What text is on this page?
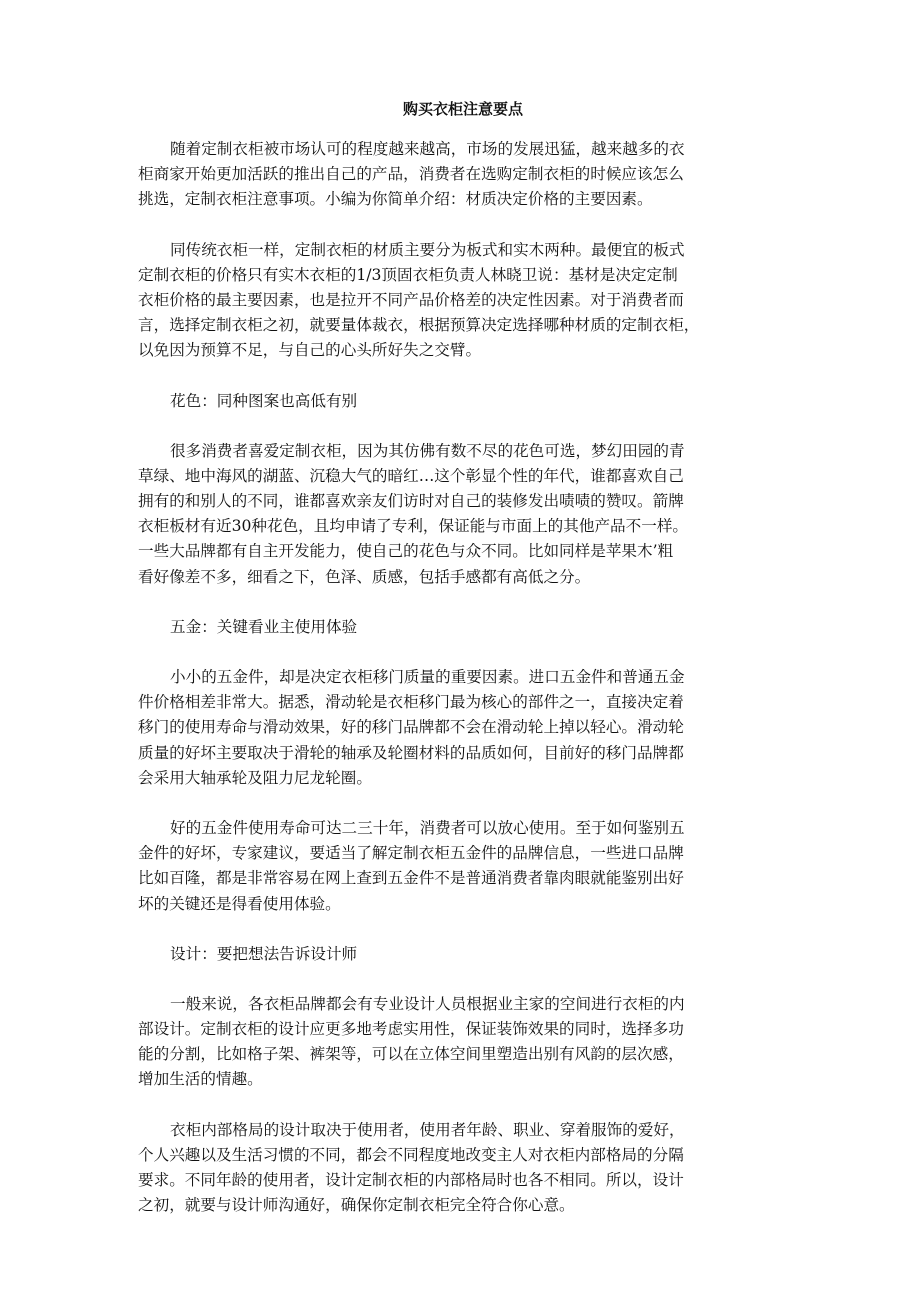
购买衣柜注意要点
随着定制衣柜被市场认可的程度越来越高，市场的发展迅猛，越来越多的衣
柜商家开始更加活跃的推出自己的产品，消费者在选购定制衣柜的时候应该怎么
挑选，定制衣柜注意事项。小编为你简单介绍：材质决定价格的主要因素。
同传统衣柜一样，定制衣柜的材质主要分为板式和实木两种。最便宜的板式
定制衣柜的价格只有实木衣柜的1/3顶固衣柜负责人林晓卫说：基材是决定定制
衣柜价格的最主要因素，也是拉开不同产品价格差的决定性因素。对于消费者而
言，选择定制衣柜之初，就要量体裁衣，根据预算决定选择哪种材质的定制衣柜，
以免因为预算不足，与自己的心头所好失之交臂。
花色：同种图案也高低有别
很多消费者喜爱定制衣柜，因为其仿佛有数不尽的花色可选，梦幻田园的青
草绿、地中海风的湖蓝、沉稳大气的暗红…这个彰显个性的年代，谁都喜欢自己
拥有的和别人的不同，谁都喜欢亲友们访时对自己的装修发出啧啧的赞叹。箭牌
衣柜板材有近30种花色，且均申请了专利，保证能与市面上的其他产品不一样。
一些大品牌都有自主开发能力，使自己的花色与众不同。比如同样是苹果木’粗
看好像差不多，细看之下，色泽、质感，包括手感都有高低之分。
五金：关键看业主使用体验
小小的五金件，却是决定衣柜移门质量的重要因素。进口五金件和普通五金
件价格相差非常大。据悉，滑动轮是衣柜移门最为核心的部件之一，直接决定着
移门的使用寿命与滑动效果，好的移门品牌都不会在滑动轮上掉以轻心。滑动轮
质量的好坏主要取决于滑轮的轴承及轮圈材料的品质如何，目前好的移门品牌都
会采用大轴承轮及阻力尼龙轮圈。
好的五金件使用寿命可达二三十年，消费者可以放心使用。至于如何鉴别五
金件的好坏，专家建议，要适当了解定制衣柜五金件的品牌信息，一些进口品牌
比如百隆，都是非常容易在网上查到五金件不是普通消费者靠肉眼就能鉴别出好
坏的关键还是得看使用体验。
设计：要把想法告诉设计师
一般来说，各衣柜品牌都会有专业设计人员根据业主家的空间进行衣柜的内
部设计。定制衣柜的设计应更多地考虑实用性，保证装饰效果的同时，选择多功
能的分割，比如格子架、裤架等，可以在立体空间里塑造出别有风韵的层次感，
增加生活的情趣。
衣柜内部格局的设计取决于使用者，使用者年龄、职业、穿着服饰的爱好，
个人兴趣以及生活习惯的不同，都会不同程度地改变主人对衣柜内部格局的分隔
要求。不同年龄的使用者，设计定制衣柜的内部格局时也各不相同。所以，设计
之初，就要与设计师沟通好，确保你定制衣柜完全符合你心意。
